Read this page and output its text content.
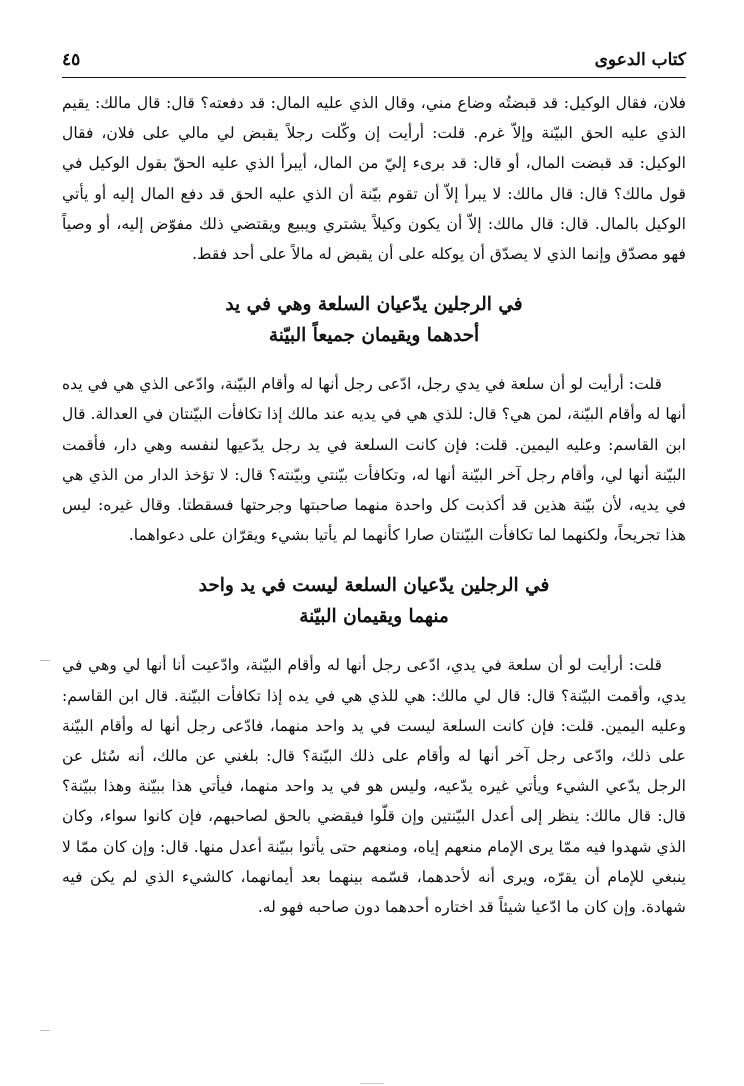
كتاب الدعوى
٤٥

فلان، فقال الوكيل: قد قبضتُه وضاع مني، وقال الذي عليه المال: قد دفعته؟ قال: قال مالك: يقيم الذي عليه الحق البيّنة وإلاّ غرم. قلت: أرأيت إن وكّلت رجلاً يقبض لي مالي على فلان، فقال الوكيل: قد قبضت المال، أو قال: قد برىء إليّ من المال، أيبرأ الذي عليه الحقّ بقول الوكيل في قول مالك؟ قال: قال مالك: لا يبرأ إلاّ أن تقوم بيّنة أن الذي عليه الحق قد دفع المال إليه أو يأتي الوكيل بالمال. قال: قال مالك: إلاّ أن يكون وكيلاً يشتري ويبيع ويقتضي ذلك مفوّض إليه، أو وصياً فهو مصدّق وإنما الذي لا يصدّق أن يوكله على أن يقبض له مالاً على أحد فقط.

في الرجلين يدّعيان السلعة وهي في يد
أحدهما ويقيمان جميعاً البيّنة

قلت: أرأيت لو أن سلعة في يدي رجل، ادّعى رجل أنها له وأقام البيّنة، وادّعى الذي هي في يده أنها له وأقام البيّنة، لمن هي؟ قال: للذي هي في يديه عند مالك إذا تكافأت البيّنتان في العدالة. قال ابن القاسم: وعليه اليمين. قلت: فإن كانت السلعة في يد رجل يدّعيها لنفسه وهي دار، فأقمت البيّنة أنها لي، وأقام رجل آخر البيّنة أنها له، وتكافأت بيّنتي وبيّنته؟ قال: لا تؤخذ الدار من الذي هي في يديه، لأن بيّنة هذين قد أكذبت كل واحدة منهما صاحبتها وجرحتها فسقطتا. وقال غيره: ليس هذا تجريحاً، ولكنهما لما تكافأت البيّنتان صارا كأنهما لم يأتيا بشيء ويقرّان على دعواهما.

في الرجلين يدّعيان السلعة ليست في يد واحد
منهما ويقيمان البيّنة

قلت: أرأيت لو أن سلعة في يدي، ادّعى رجل أنها له وأقام البيّنة، وادّعيت أنا أنها لي وهي في يدي، وأقمت البيّنة؟ قال: قال لي مالك: هي للذي هي في يده إذا تكافأت البيّنة. قال ابن القاسم: وعليه اليمين. قلت: فإن كانت السلعة ليست في يد واحد منهما، فادّعى رجل أنها له وأقام البيّنة على ذلك، وادّعى رجل آخر أنها له وأقام على ذلك البيّنة؟ قال: بلغني عن مالك، أنه سُئل عن الرجل يدّعي الشيء ويأتي غيره يدّعيه، وليس هو في يد واحد منهما، فيأتي هذا ببيّنة وهذا ببيّنة؟ قال: قال مالك: ينظر إلى أعدل البيّنتين وإن قلّوا فيقضي بالحق لصاحبهم، فإن كانوا سواء، وكان الذي شهدوا فيه ممّا يرى الإمام منعهم إياه، ومنعهم حتى يأتوا ببيّنة أعدل منها. قال: وإن كان ممّا لا ينبغي للإمام أن يقرّه، ويرى أنه لأحدهما، قسّمه بينهما بعد أيمانهما، كالشيء الذي لم يكن فيه شهادة. وإن كان ما ادّعيا شيئاً قد اختاره أحدهما دون صاحبه فهو له.
